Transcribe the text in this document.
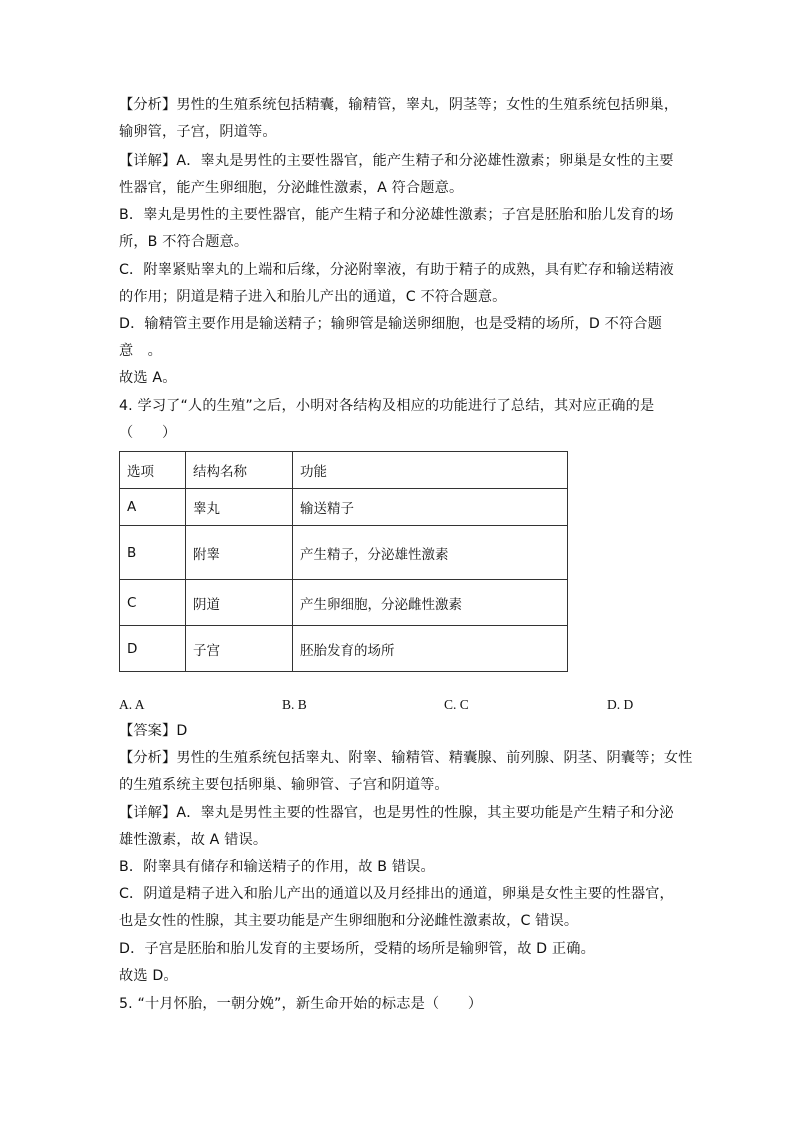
【分析】男性的生殖系统包括精囊，输精管，睾丸，阴茎等；女性的生殖系统包括卵巢，
输卵管，子宫，阴道等。
【详解】A．睾丸是男性的主要性器官，能产生精子和分泌雄性激素；卵巢是女性的主要
性器官，能产生卵细胞，分泌雌性激素，A 符合题意。
B．睾丸是男性的主要性器官，能产生精子和分泌雄性激素；子宫是胚胎和胎儿发育的场
所，B 不符合题意。
C．附睾紧贴睾丸的上端和后缘，分泌附睾液，有助于精子的成熟，具有贮存和输送精液
的作用；阴道是精子进入和胎儿产出的通道，C 不符合题意。
D．输精管主要作用是输送精子；输卵管是输送卵细胞，也是受精的场所，D 不符合题
意　。
故选 A。
4. 学习了“人的生殖”之后，小明对各结构及相应的功能进行了总结，其对应正确的是
（　　）
选项	结构名称	功能
A	睾丸	输送精子
B	附睾	产生精子，分泌雄性激素
C	阴道	产生卵细胞，分泌雌性激素
D	子宫	胚胎发育的场所
A. A	B. B	C. C	D. D
【答案】D
【分析】男性的生殖系统包括睾丸、附睾、输精管、精囊腺、前列腺、阴茎、阴囊等；女性
的生殖系统主要包括卵巢、输卵管、子宫和阴道等。
【详解】A．睾丸是男性主要的性器官，也是男性的性腺，其主要功能是产生精子和分泌
雄性激素，故 A 错误。
B．附睾具有储存和输送精子的作用，故 B 错误。
C．阴道是精子进入和胎儿产出的通道以及月经排出的通道，卵巢是女性主要的性器官，
也是女性的性腺，其主要功能是产生卵细胞和分泌雌性激素故，C 错误。
D．子宫是胚胎和胎儿发育的主要场所，受精的场所是输卵管，故 D 正确。
故选 D。
5. “十月怀胎，一朝分娩”，新生命开始的标志是（　　）
